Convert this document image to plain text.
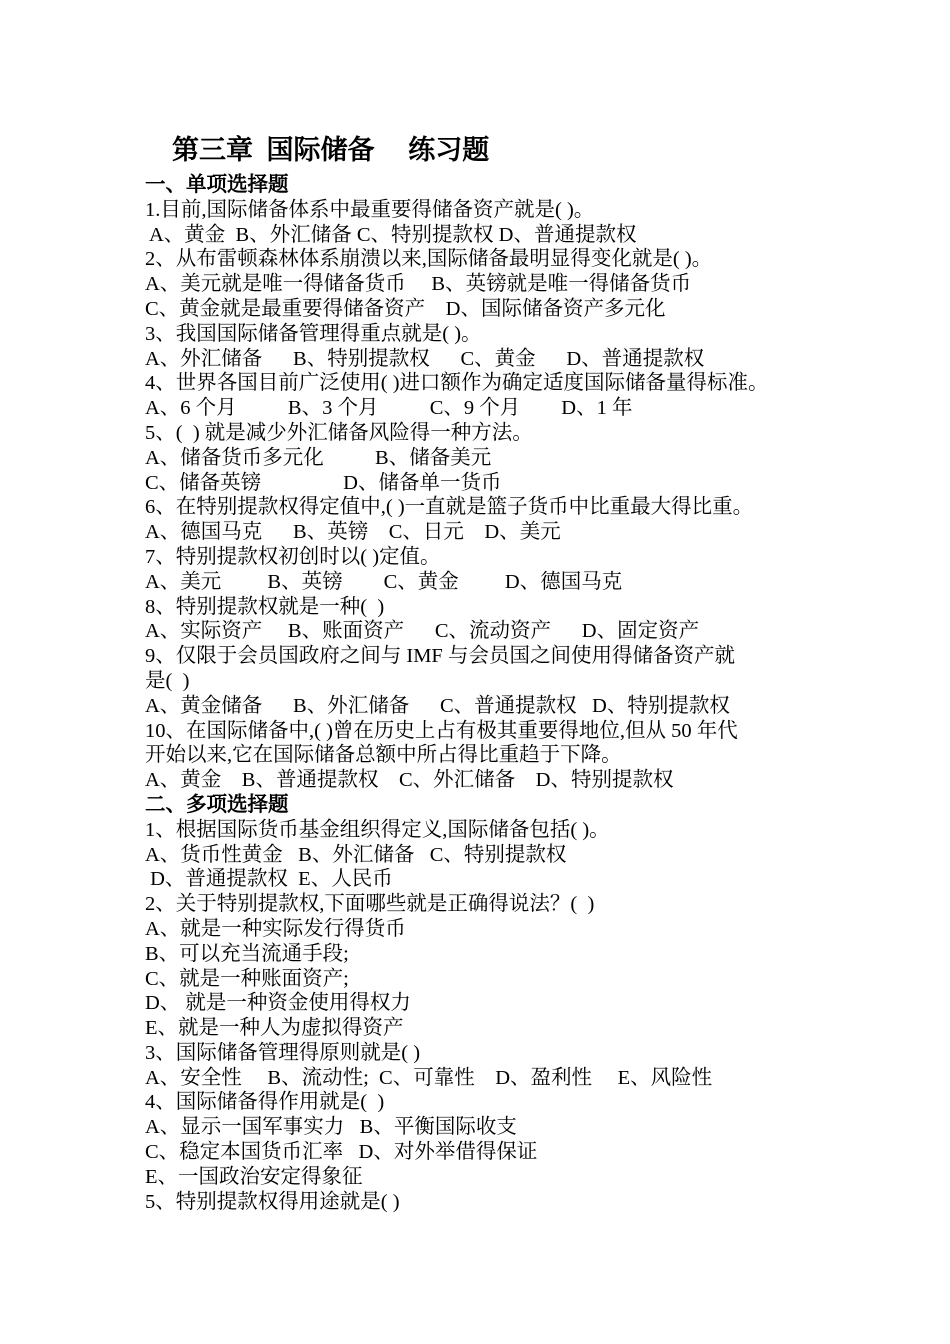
第三章  国际储备     练习题
一、单项选择题
1.目前,国际储备体系中最重要得储备资产就是( )。
A、黄金  B、外汇储备 C、特别提款权 D、普通提款权
2、从布雷顿森林体系崩溃以来,国际储备最明显得变化就是( )。
A、美元就是唯一得储备货币     B、英镑就是唯一得储备货币
C、黄金就是最重要得储备资产    D、国际储备资产多元化
3、我国国际储备管理得重点就是( )。
A、外汇储备      B、特别提款权      C、黄金      D、普通提款权
4、世界各国目前广泛使用( )进口额作为确定适度国际储备量得标准。
A、6 个月          B、3 个月          C、9 个月        D、1 年
5、(  ) 就是减少外汇储备风险得一种方法。
A、储备货币多元化          B、储备美元
C、储备英镑                D、储备单一货币
6、在特别提款权得定值中,( )一直就是篮子货币中比重最大得比重。
A、德国马克      B、英镑    C、日元    D、美元
7、特别提款权初创时以( )定值。
A、美元         B、英镑        C、黄金         D、德国马克
8、特别提款权就是一种(  )
A、实际资产     B、账面资产      C、流动资产      D、固定资产
9、仅限于会员国政府之间与 IMF 与会员国之间使用得储备资产就
是(  )
A、黄金储备      B、外汇储备      C、普通提款权   D、特别提款权
10、在国际储备中,( )曾在历史上占有极其重要得地位,但从 50 年代
开始以来,它在国际储备总额中所占得比重趋于下降。
A、黄金    B、普通提款权    C、外汇储备    D、特别提款权
二、多项选择题
1、根据国际货币基金组织得定义,国际储备包括( )。
A、货币性黄金   B、外汇储备   C、特别提款权
D、普通提款权  E、人民币
2、关于特别提款权,下面哪些就是正确得说法？(  )
A、就是一种实际发行得货币
B、可以充当流通手段;
C、就是一种账面资产;
D、 就是一种资金使用得权力
E、就是一种人为虚拟得资产
3、国际储备管理得原则就是( )
A、安全性     B、流动性;  C、可靠性    D、盈利性     E、风险性
4、国际储备得作用就是(  )
A、显示一国军事实力   B、平衡国际收支
C、稳定本国货币汇率   D、对外举借得保证
E、一国政治安定得象征
5、特别提款权得用途就是( )
